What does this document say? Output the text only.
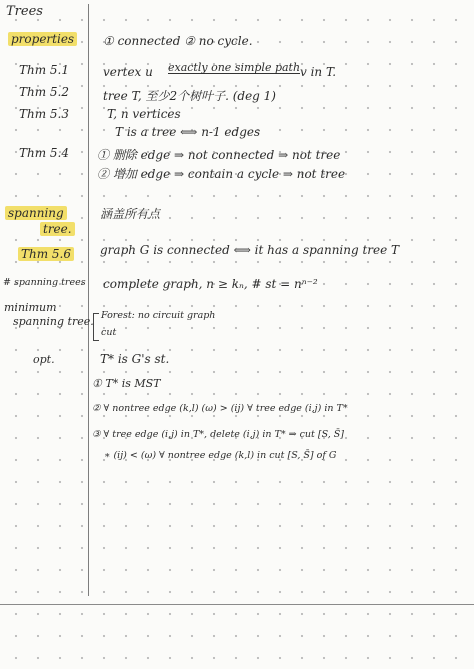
Trees
properties
Thm 5.1
Thm 5.2
Thm 5.3
Thm 5.4
spanning
tree.
Thm 5.6
# spanning trees
minimum
spanning tree.
opt.
① connected ② no cycle.
vertex u exactly one simple path v in T.
tree T, 至少2个树叶子. (deg 1)
T, n vertices
T is a tree ⟺ n-1 edges
① 删除 edge ⇒ not connected ⇒ not tree
② 增加 edge ⇒ contain a cycle ⇒ not tree
涵盖所有点
graph G is connected ⟺ it has a spanning tree T
complete graph, n ≥ kₙ, # st = nⁿ⁻²
Forest: no circuit graph
cut
T* is G's st.
① T* is MST
② ∀ nontree edge (k,l) (ω) > (ij) ∀ tree edge (i,j) in T*
③ ∀ tree edge (i,j) in T*, delete (i,j) in T* ⇒ cut [S, S̄]
∗ (ij) < (ω) ∀ nontree edge (k,l) in cut [S, S̄] of G
